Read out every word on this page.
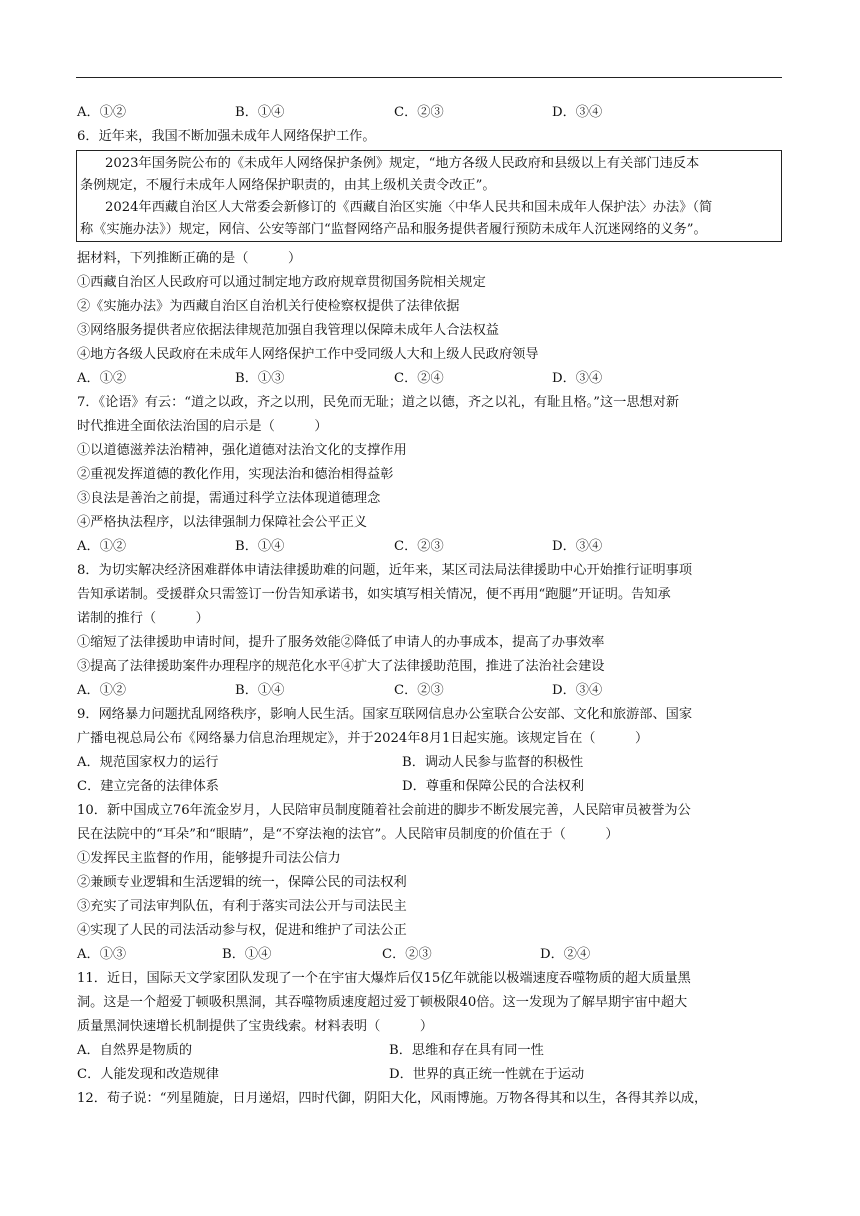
A．①②	B．①④	C．②③	D．③④
6．近年来，我国不断加强未成年人网络保护工作。

2023年国务院公布的《未成年人网络保护条例》规定，“地方各级人民政府和县级以上有关部门违反本

条例规定，不履行未成年人网络保护职责的，由其上级机关责令改正”。

2024年西藏自治区人大常委会新修订的《西藏自治区实施〈中华人民共和国未成年人保护法〉办法》（简

称《实施办法》）规定，网信、公安等部门“监督网络产品和服务提供者履行预防未成年人沉迷网络的义务”。

据材料，下列推断正确的是（　　　）
①西藏自治区人民政府可以通过制定地方政府规章贯彻国务院相关规定
②《实施办法》为西藏自治区自治机关行使检察权提供了法律依据
③网络服务提供者应依据法律规范加强自我管理以保障未成年人合法权益
④地方各级人民政府在未成年人网络保护工作中受同级人大和上级人民政府领导
A．①②	B．①③	C．②④	D．③④
7．《论语》有云：“道之以政，齐之以刑，民免而无耻；道之以德，齐之以礼，有耻且格。”这一思想对新
时代推进全面依法治国的启示是（　　　）
①以道德滋养法治精神，强化道德对法治文化的支撑作用
②重视发挥道德的教化作用，实现法治和德治相得益彰
③良法是善治之前提，需通过科学立法体现道德理念
④严格执法程序，以法律强制力保障社会公平正义
A．①②	B．①④	C．②③	D．③④
8．为切实解决经济困难群体申请法律援助难的问题，近年来，某区司法局法律援助中心开始推行证明事项
告知承诺制。受援群众只需签订一份告知承诺书，如实填写相关情况，便不再用“跑腿”开证明。告知承
诺制的推行（　　　）
①缩短了法律援助申请时间，提升了服务效能②降低了申请人的办事成本，提高了办事效率
③提高了法律援助案件办理程序的规范化水平④扩大了法律援助范围，推进了法治社会建设
A．①②	B．①④	C．②③	D．③④
9．网络暴力问题扰乱网络秩序，影响人民生活。国家互联网信息办公室联合公安部、文化和旅游部、国家
广播电视总局公布《网络暴力信息治理规定》，并于2024年8月1日起实施。该规定旨在（　　　）
A．规范国家权力的运行	B．调动人民参与监督的积极性
C．建立完备的法律体系	D．尊重和保障公民的合法权利
10．新中国成立76年流金岁月，人民陪审员制度随着社会前进的脚步不断发展完善，人民陪审员被誉为公
民在法院中的“耳朵”和“眼睛”，是“不穿法袍的法官”。人民陪审员制度的价值在于（　　　）
①发挥民主监督的作用，能够提升司法公信力
②兼顾专业逻辑和生活逻辑的统一，保障公民的司法权利
③充实了司法审判队伍，有利于落实司法公开与司法民主
④实现了人民的司法活动参与权，促进和维护了司法公正
A．①③	B．①④	C．②③	D．②④
11．近日，国际天文学家团队发现了一个在宇宙大爆炸后仅15亿年就能以极端速度吞噬物质的超大质量黑
洞。这是一个超爱丁顿吸积黑洞，其吞噬物质速度超过爱丁顿极限40倍。这一发现为了解早期宇宙中超大
质量黑洞快速增长机制提供了宝贵线索。材料表明（　　　）
A．自然界是物质的	B．思维和存在具有同一性
C．人能发现和改造规律	D．世界的真正统一性就在于运动
12．荀子说：“列星随旋，日月递炤，四时代御，阴阳大化，风雨博施。万物各得其和以生，各得其养以成，
